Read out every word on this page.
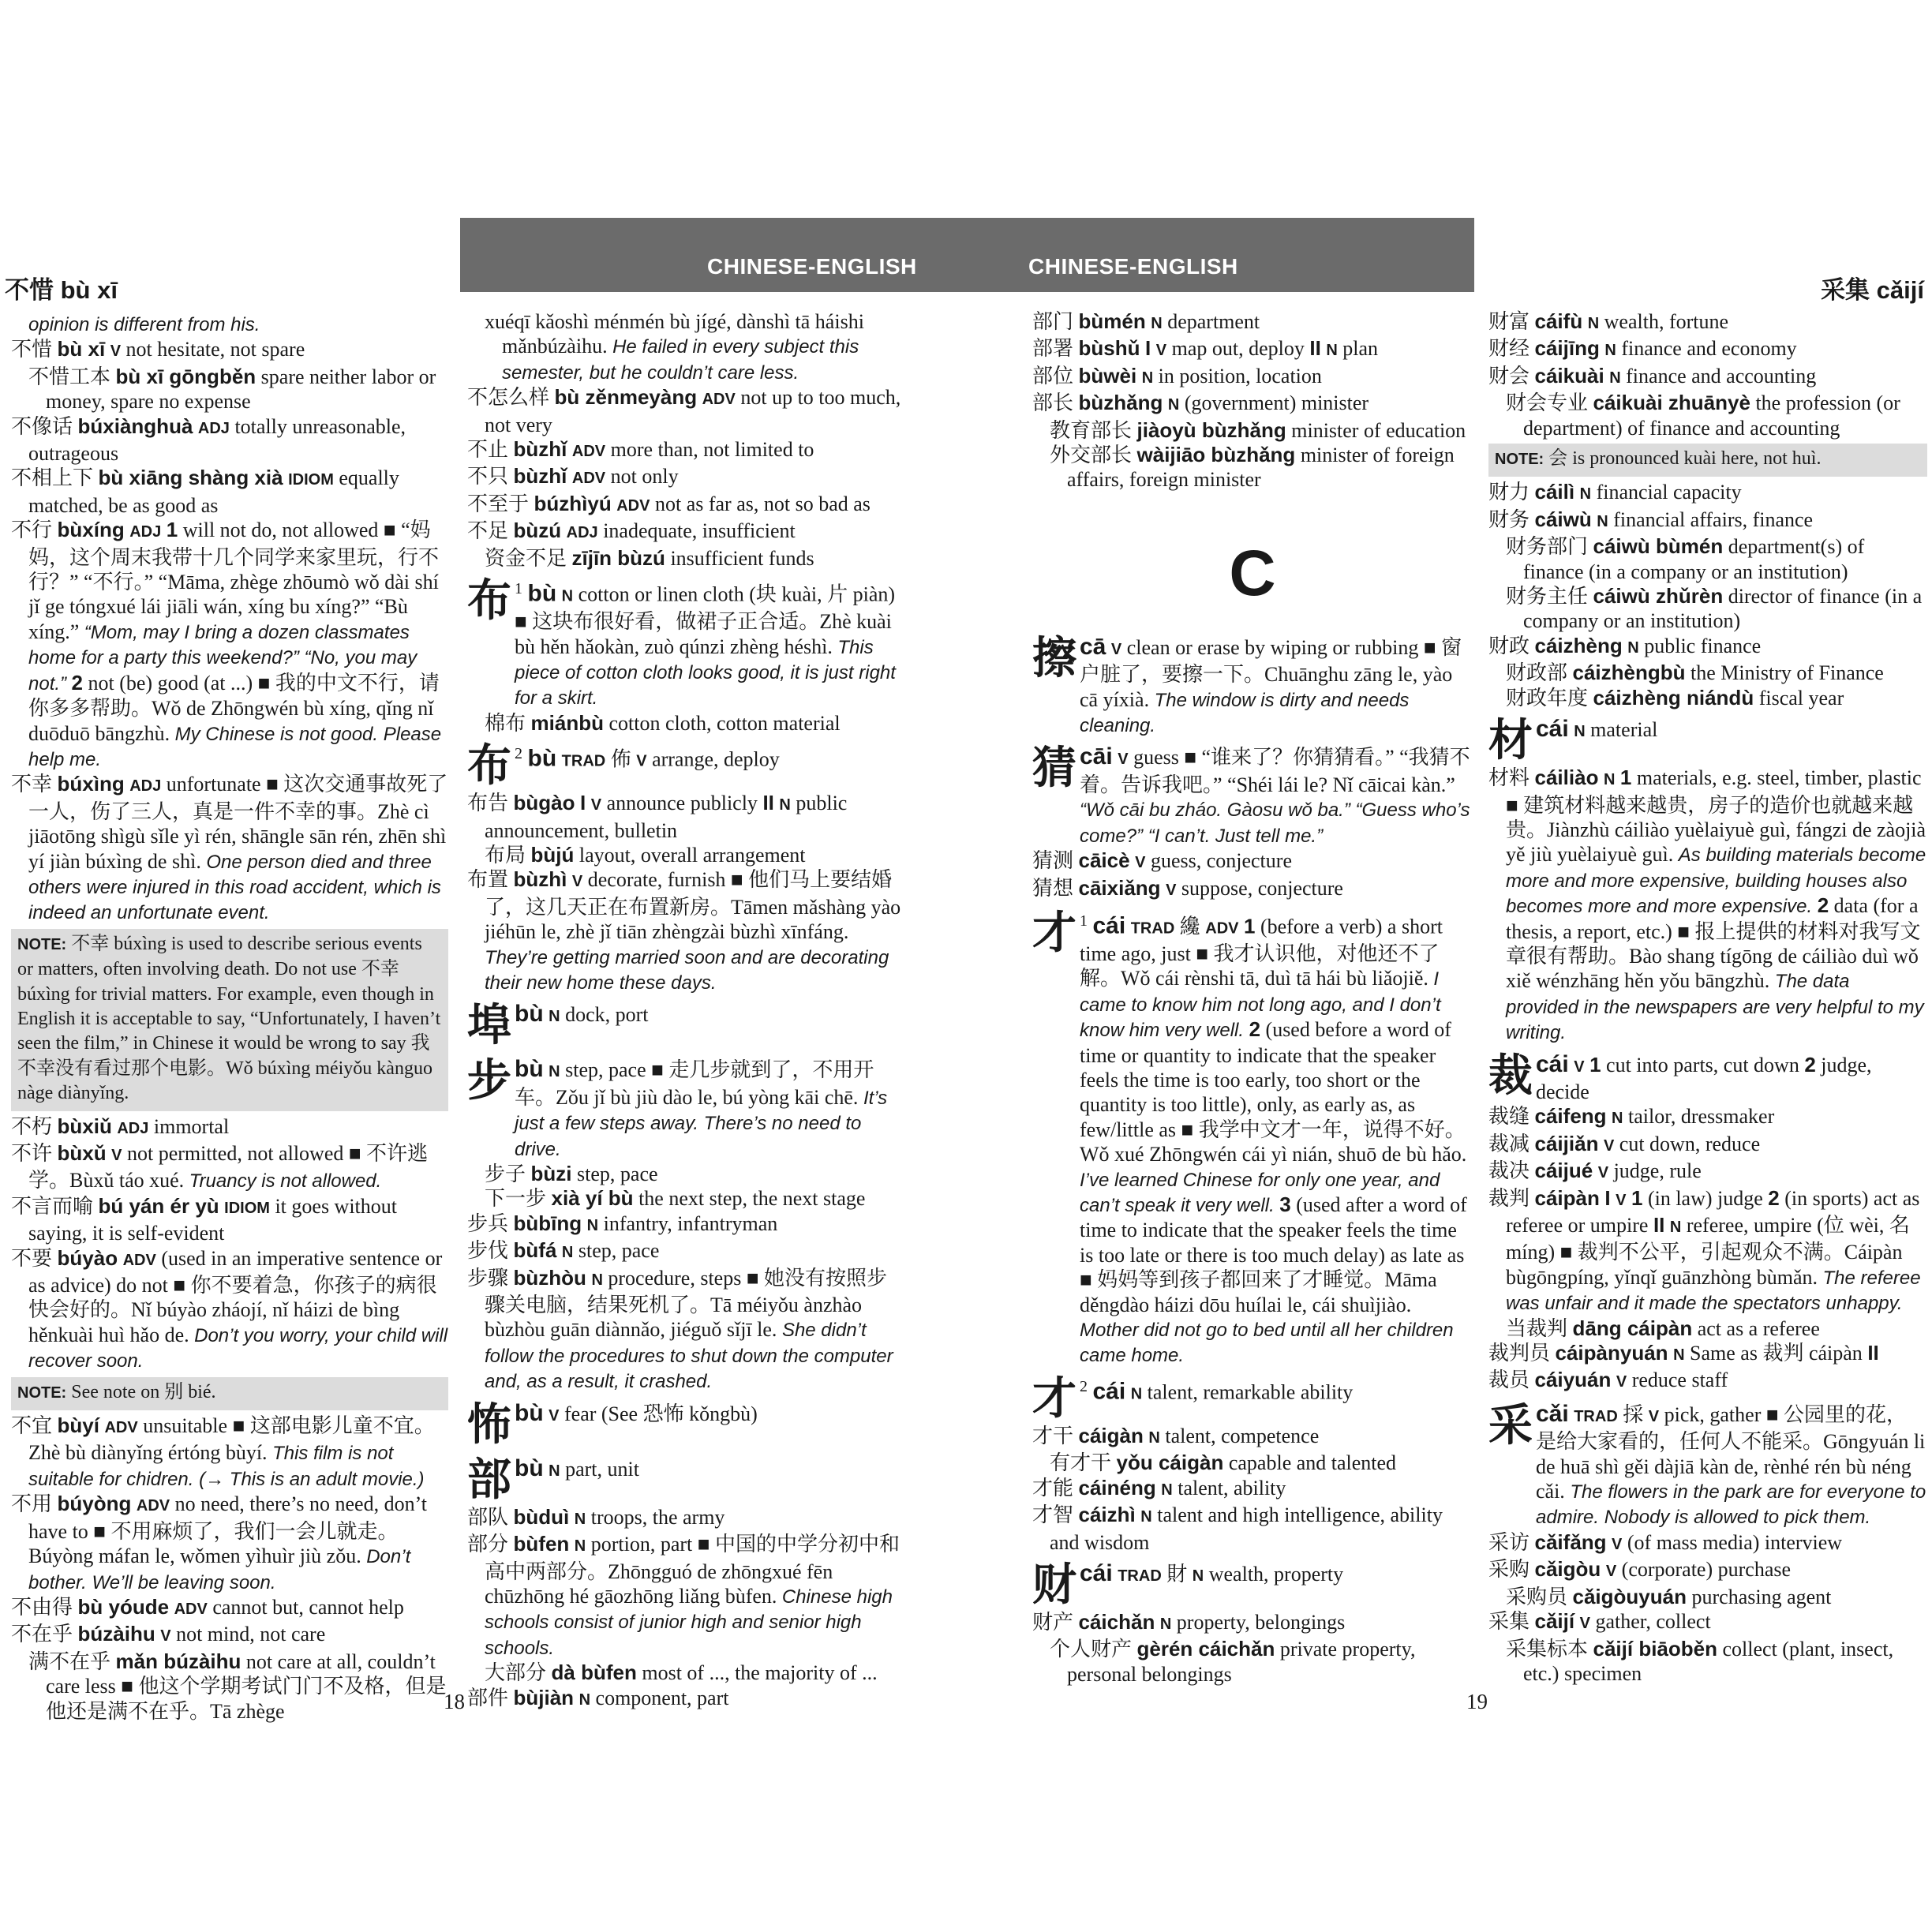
CHINESE-ENGLISH	CHINESE-ENGLISH
不惜 bù xī	采集 cǎijí
opinion is different from his.
不惜 bù xī V not hesitate, not spare
不惜工本 bù xī gōngběn spare neither labor or money, spare no expense
不像话 búxiànghuà ADJ totally unreasonable, outrageous
不相上下 bù xiāng shàng xià IDIOM equally matched, be as good as
不行 bùxíng ADJ 1 will not do, not allowed ■ “妈妈，这个周末我带十几个同学来家里玩，行不行？” “不行。” “Māma, zhège zhōumò wǒ dài shí jǐ ge tóngxué lái jiāli wán, xíng bu xíng?” “Bù xíng.” “Mom, may I bring a dozen classmates home for a party this weekend?” “No, you may not.” 2 not (be) good (at ...) ■ 我的中文不行，请你多多帮助。Wǒ de Zhōngwén bù xíng, qǐng nǐ duōduō bāngzhù. My Chinese is not good. Please help me.
不幸 búxìng ADJ unfortunate ■ 这次交通事故死了一人，伤了三人，真是一件不幸的事。Zhè cì jiāotōng shìgù sǐle yì rén, shāngle sān rén, zhēn shì yí jiàn búxìng de shì. One person died and three others were injured in this road accident, which is indeed an unfortunate event.
NOTE: 不幸 búxìng is used to describe serious events or matters, often involving death. Do not use 不幸 búxìng for trivial matters. For example, even though in English it is acceptable to say, “Unfortunately, I haven’t seen the film,” in Chinese it would be wrong to say 我不幸没有看过那个电影。Wǒ búxìng méiyǒu kànguo nàge diànyǐng.
不朽 bùxiǔ ADJ immortal
不许 bùxǔ V not permitted, not allowed ■ 不许逃学。Bùxǔ táo xué. Truancy is not allowed.
不言而喻 bú yán ér yù IDIOM it goes without saying, it is self-evident
不要 búyào ADV (used in an imperative sentence or as advice) do not ■ 你不要着急，你孩子的病很快会好的。Nǐ búyào zháojí, nǐ háizi de bìng hěnkuài huì hǎo de. Don’t you worry, your child will recover soon.
NOTE: See note on 别 bié.
不宜 bùyí ADV unsuitable ■ 这部电影儿童不宜。Zhè bù diànyǐng értóng bùyí. This film is not suitable for chidren. (→ This is an adult movie.)
不用 búyòng ADV no need, there’s no need, don’t have to ■ 不用麻烦了，我们一会儿就走。Búyòng máfan le, wǒmen yìhuìr jiù zǒu. Don’t bother. We’ll be leaving soon.
不由得 bù yóude ADV cannot but, cannot help
不在乎 búzàihu V not mind, not care
满不在乎 mǎn búzàihu not care at all, couldn’t care less ■ 他这个学期考试门门不及格，但是他还是满不在乎。Tā zhège
xuéqī kǎoshì ménmén bù jígé, dànshì tā háishi mǎnbúzàihu. He failed in every subject this semester, but he couldn’t care less.
不怎么样 bù zěnmeyàng ADV not up to too much, not very
不止 bùzhǐ ADV more than, not limited to
不只 bùzhǐ ADV not only
不至于 búzhìyú ADV not as far as, not so bad as
不足 bùzú ADJ inadequate, insufficient
资金不足 zījīn bùzú insufficient funds
布 $^1$ bù N cotton or linen cloth (块 kuài, 片 piàn) ■ 这块布很好看，做裙子正合适。Zhè kuài bù hěn hǎokàn, zuò qúnzi zhèng héshì. This piece of cotton cloth looks good, it is just right for a skirt.
棉布 miánbù cotton cloth, cotton material
布 $^2$ bù TRAD 佈 V arrange, deploy
布告 bùgào I V announce publicly II N public announcement, bulletin
布局 bùjú layout, overall arrangement
布置 bùzhì V decorate, furnish ■ 他们马上要结婚了，这几天正在布置新房。Tāmen mǎshàng yào jiéhūn le, zhè jǐ tiān zhèngzài bùzhì xīnfáng. They’re getting married soon and are decorating their new home these days.
埠 bù N dock, port
步 bù N step, pace ■ 走几步就到了，不用开车。Zǒu jǐ bù jiù dào le, bú yòng kāi chē. It’s just a few steps away. There’s no need to drive.
步子 bùzi step, pace
下一步 xià yí bù the next step, the next stage
步兵 bùbīng N infantry, infantryman
步伐 bùfá N step, pace
步骤 bùzhòu N procedure, steps ■ 她没有按照步骤关电脑，结果死机了。Tā méiyǒu ànzhào bùzhòu guān diànnǎo, jiéguǒ sǐjī le. She didn’t follow the procedures to shut down the computer and, as a result, it crashed.
怖 bù V fear (See 恐怖 kǒngbù)
部 bù N part, unit
部队 bùduì N troops, the army
部分 bùfen N portion, part ■ 中国的中学分初中和高中两部分。Zhōngguó de zhōngxué fēn chūzhōng hé gāozhōng liǎng bùfen. Chinese high schools consist of junior high and senior high schools.
大部分 dà bùfen most of ..., the majority of ...
部件 bùjiàn N component, part
部门 bùmén N department
部署 bùshǔ I V map out, deploy II N plan
部位 bùwèi N in position, location
部长 bùzhǎng N (government) minister
教育部长 jiàoyù bùzhǎng minister of education
外交部长 wàijiāo bùzhǎng minister of foreign affairs, foreign minister
C
擦 cā V clean or erase by wiping or rubbing ■ 窗户脏了，要擦一下。Chuānghu zāng le, yào cā yíxià. The window is dirty and needs cleaning.
猜 cāi V guess ■ “谁来了？你猜猜看。” “我猜不着。告诉我吧。” “Shéi lái le? Nǐ cāicai kàn.” “Wǒ cāi bu zháo. Gàosu wǒ ba.” “Guess who’s come?” “I can’t. Just tell me.”
猜测 cāicè V guess, conjecture
猜想 cāixiǎng V suppose, conjecture
才 $^1$ cái TRAD 纔 ADV 1 (before a verb) a short time ago, just ■ 我才认识他，对他还不了解。Wǒ cái rènshi tā, duì tā hái bù liǎojiě. I came to know him not long ago, and I don’t know him very well. 2 (used before a word of time or quantity to indicate that the speaker feels the time is too early, too short or the quantity is too little), only, as early as, as few/little as ■ 我学中文才一年，说得不好。Wǒ xué Zhōngwén cái yì nián, shuō de bù hǎo. I’ve learned Chinese for only one year, and can’t speak it very well. 3 (used after a word of time to indicate that the speaker feels the time is too late or there is too much delay) as late as ■ 妈妈等到孩子都回来了才睡觉。Māma děngdào háizi dōu huílai le, cái shuìjiào. Mother did not go to bed until all her children came home.
才 $^2$ cái N talent, remarkable ability
才干 cáigàn N talent, competence
有才干 yǒu cáigàn capable and talented
才能 cáinéng N talent, ability
才智 cáizhì N talent and high intelligence, ability and wisdom
财 cái TRAD 財 N wealth, property
财产 cáichǎn N property, belongings
个人财产 gèrén cáichǎn private property, personal belongings
财富 cáifù N wealth, fortune
财经 cáijīng N finance and economy
财会 cáikuài N finance and accounting
财会专业 cáikuài zhuānyè the profession (or department) of finance and accounting
NOTE: 会 is pronounced kuài here, not huì.
财力 cáilì N financial capacity
财务 cáiwù N financial affairs, finance
财务部门 cáiwù bùmén department(s) of finance (in a company or an institution)
财务主任 cáiwù zhǔrèn director of finance (in a company or an institution)
财政 cáizhèng N public finance
财政部 cáizhèngbù the Ministry of Finance
财政年度 cáizhèng niándù fiscal year
材 cái N material
材料 cáiliào N 1 materials, e.g. steel, timber, plastic ■ 建筑材料越来越贵，房子的造价也就越来越贵。Jiànzhù cáiliào yuèlaiyuè guì, fángzi de zàojià yě jiù yuèlaiyuè guì. As building materials become more and more expensive, building houses also becomes more and more expensive. 2 data (for a thesis, a report, etc.) ■ 报上提供的材料对我写文章很有帮助。Bào shang tígōng de cáiliào duì wǒ xiě wénzhāng hěn yǒu bāngzhù. The data provided in the newspapers are very helpful to my writing.
裁 cái V 1 cut into parts, cut down 2 judge, decide
裁缝 cáifeng N tailor, dressmaker
裁减 cáijiǎn V cut down, reduce
裁决 cáijué V judge, rule
裁判 cáipàn I V 1 (in law) judge 2 (in sports) act as referee or umpire II N referee, umpire (位 wèi, 名 míng) ■ 裁判不公平，引起观众不满。Cáipàn bùgōngpíng, yǐnqǐ guānzhòng bùmǎn. The referee was unfair and it made the spectators unhappy.
当裁判 dāng cáipàn act as a referee
裁判员 cáipànyuán N Same as 裁判 cáipàn II
裁员 cáiyuán V reduce staff
采 cǎi TRAD 採 V pick, gather ■ 公园里的花，是给大家看的，任何人不能采。Gōngyuán li de huā shì gěi dàjiā kàn de, rènhé rén bù néng cǎi. The flowers in the park are for everyone to admire. Nobody is allowed to pick them.
采访 cǎifǎng V (of mass media) interview
采购 cǎigòu V (corporate) purchase
采购员 cǎigòuyuán purchasing agent
采集 cǎijí V gather, collect
采集标本 cǎijí biāoběn collect (plant, insect, etc.) specimen
18	19
